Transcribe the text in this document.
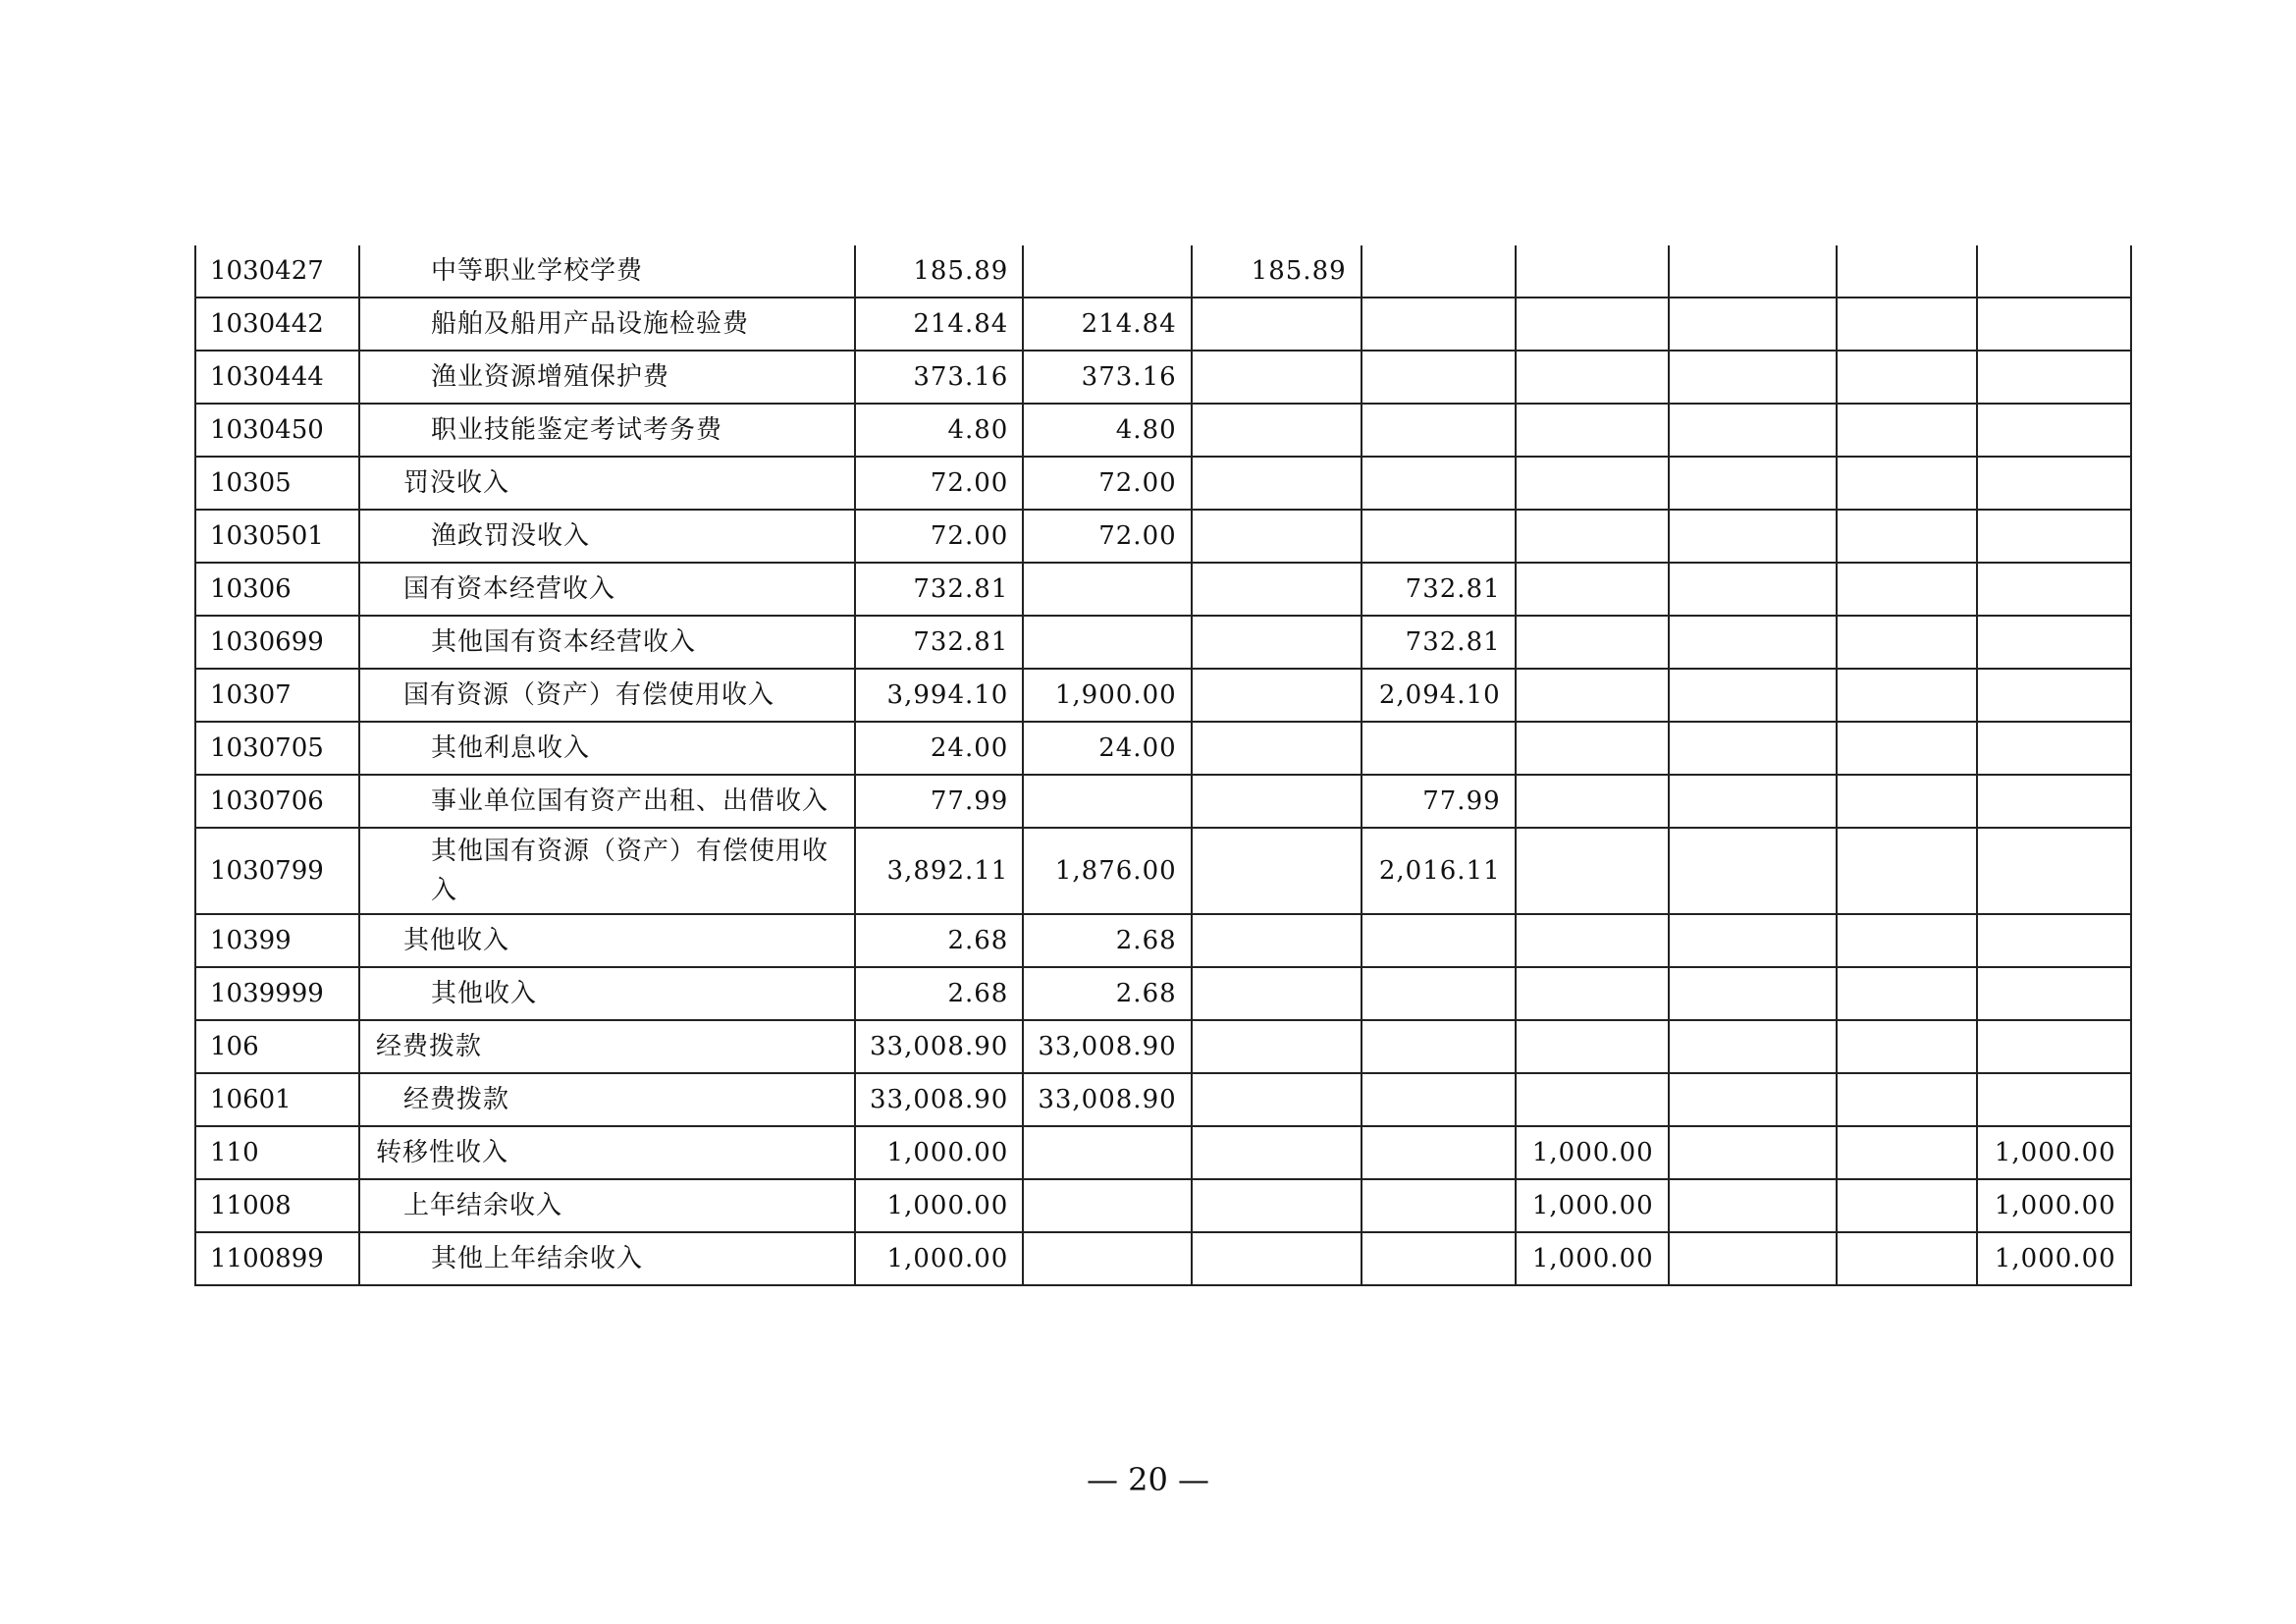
1030427	中等职业学校学费	185.89		185.89					
1030442	船舶及船用产品设施检验费	214.84	214.84						
1030444	渔业资源增殖保护费	373.16	373.16						
1030450	职业技能鉴定考试考务费	4.80	4.80						
10305	罚没收入	72.00	72.00						
1030501	渔政罚没收入	72.00	72.00						
10306	国有资本经营收入	732.81			732.81				
1030699	其他国有资本经营收入	732.81			732.81				
10307	国有资源（资产）有偿使用收入	3,994.10	1,900.00		2,094.10				
1030705	其他利息收入	24.00	24.00						
1030706	事业单位国有资产出租、出借收入	77.99			77.99				
1030799	其他国有资源（资产）有偿使用收入	3,892.11	1,876.00		2,016.11				
10399	其他收入	2.68	2.68						
1039999	其他收入	2.68	2.68						
106	经费拨款	33,008.90	33,008.90						
10601	经费拨款	33,008.90	33,008.90						
110	转移性收入	1,000.00				1,000.00			1,000.00
11008	上年结余收入	1,000.00				1,000.00			1,000.00
1100899	其他上年结余收入	1,000.00				1,000.00			1,000.00
— 20 —
